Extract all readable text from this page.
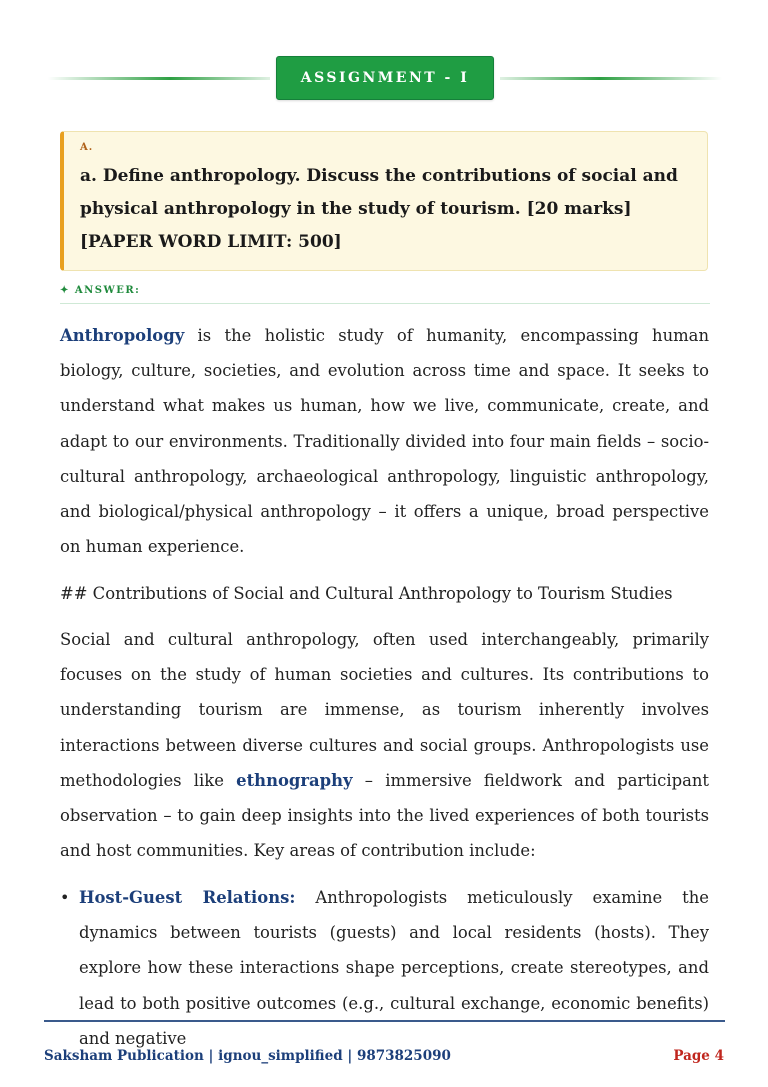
ASSIGNMENT - I
A.
a. Define anthropology. Discuss the contributions of social and physical anthropology in the study of tourism. [20 marks] [PAPER WORD LIMIT: 500]
✦ ANSWER:
Anthropology is the holistic study of humanity, encompassing human biology, culture, societies, and evolution across time and space. It seeks to understand what makes us human, how we live, communicate, create, and adapt to our environments. Traditionally divided into four main fields – socio-cultural anthropology, archaeological anthropology, linguistic anthropology, and biological/physical anthropology – it offers a unique, broad perspective on human experience.
## Contributions of Social and Cultural Anthropology to Tourism Studies
Social and cultural anthropology, often used interchangeably, primarily focuses on the study of human societies and cultures. Its contributions to understanding tourism are immense, as tourism inherently involves interactions between diverse cultures and social groups. Anthropologists use methodologies like ethnography – immersive fieldwork and participant observation – to gain deep insights into the lived experiences of both tourists and host communities. Key areas of contribution include:
• Host-Guest Relations: Anthropologists meticulously examine the dynamics between tourists (guests) and local residents (hosts). They explore how these interactions shape perceptions, create stereotypes, and lead to both positive outcomes (e.g., cultural exchange, economic benefits) and negative
Saksham Publication | ignou_simplified | 9873825090	Page 4
